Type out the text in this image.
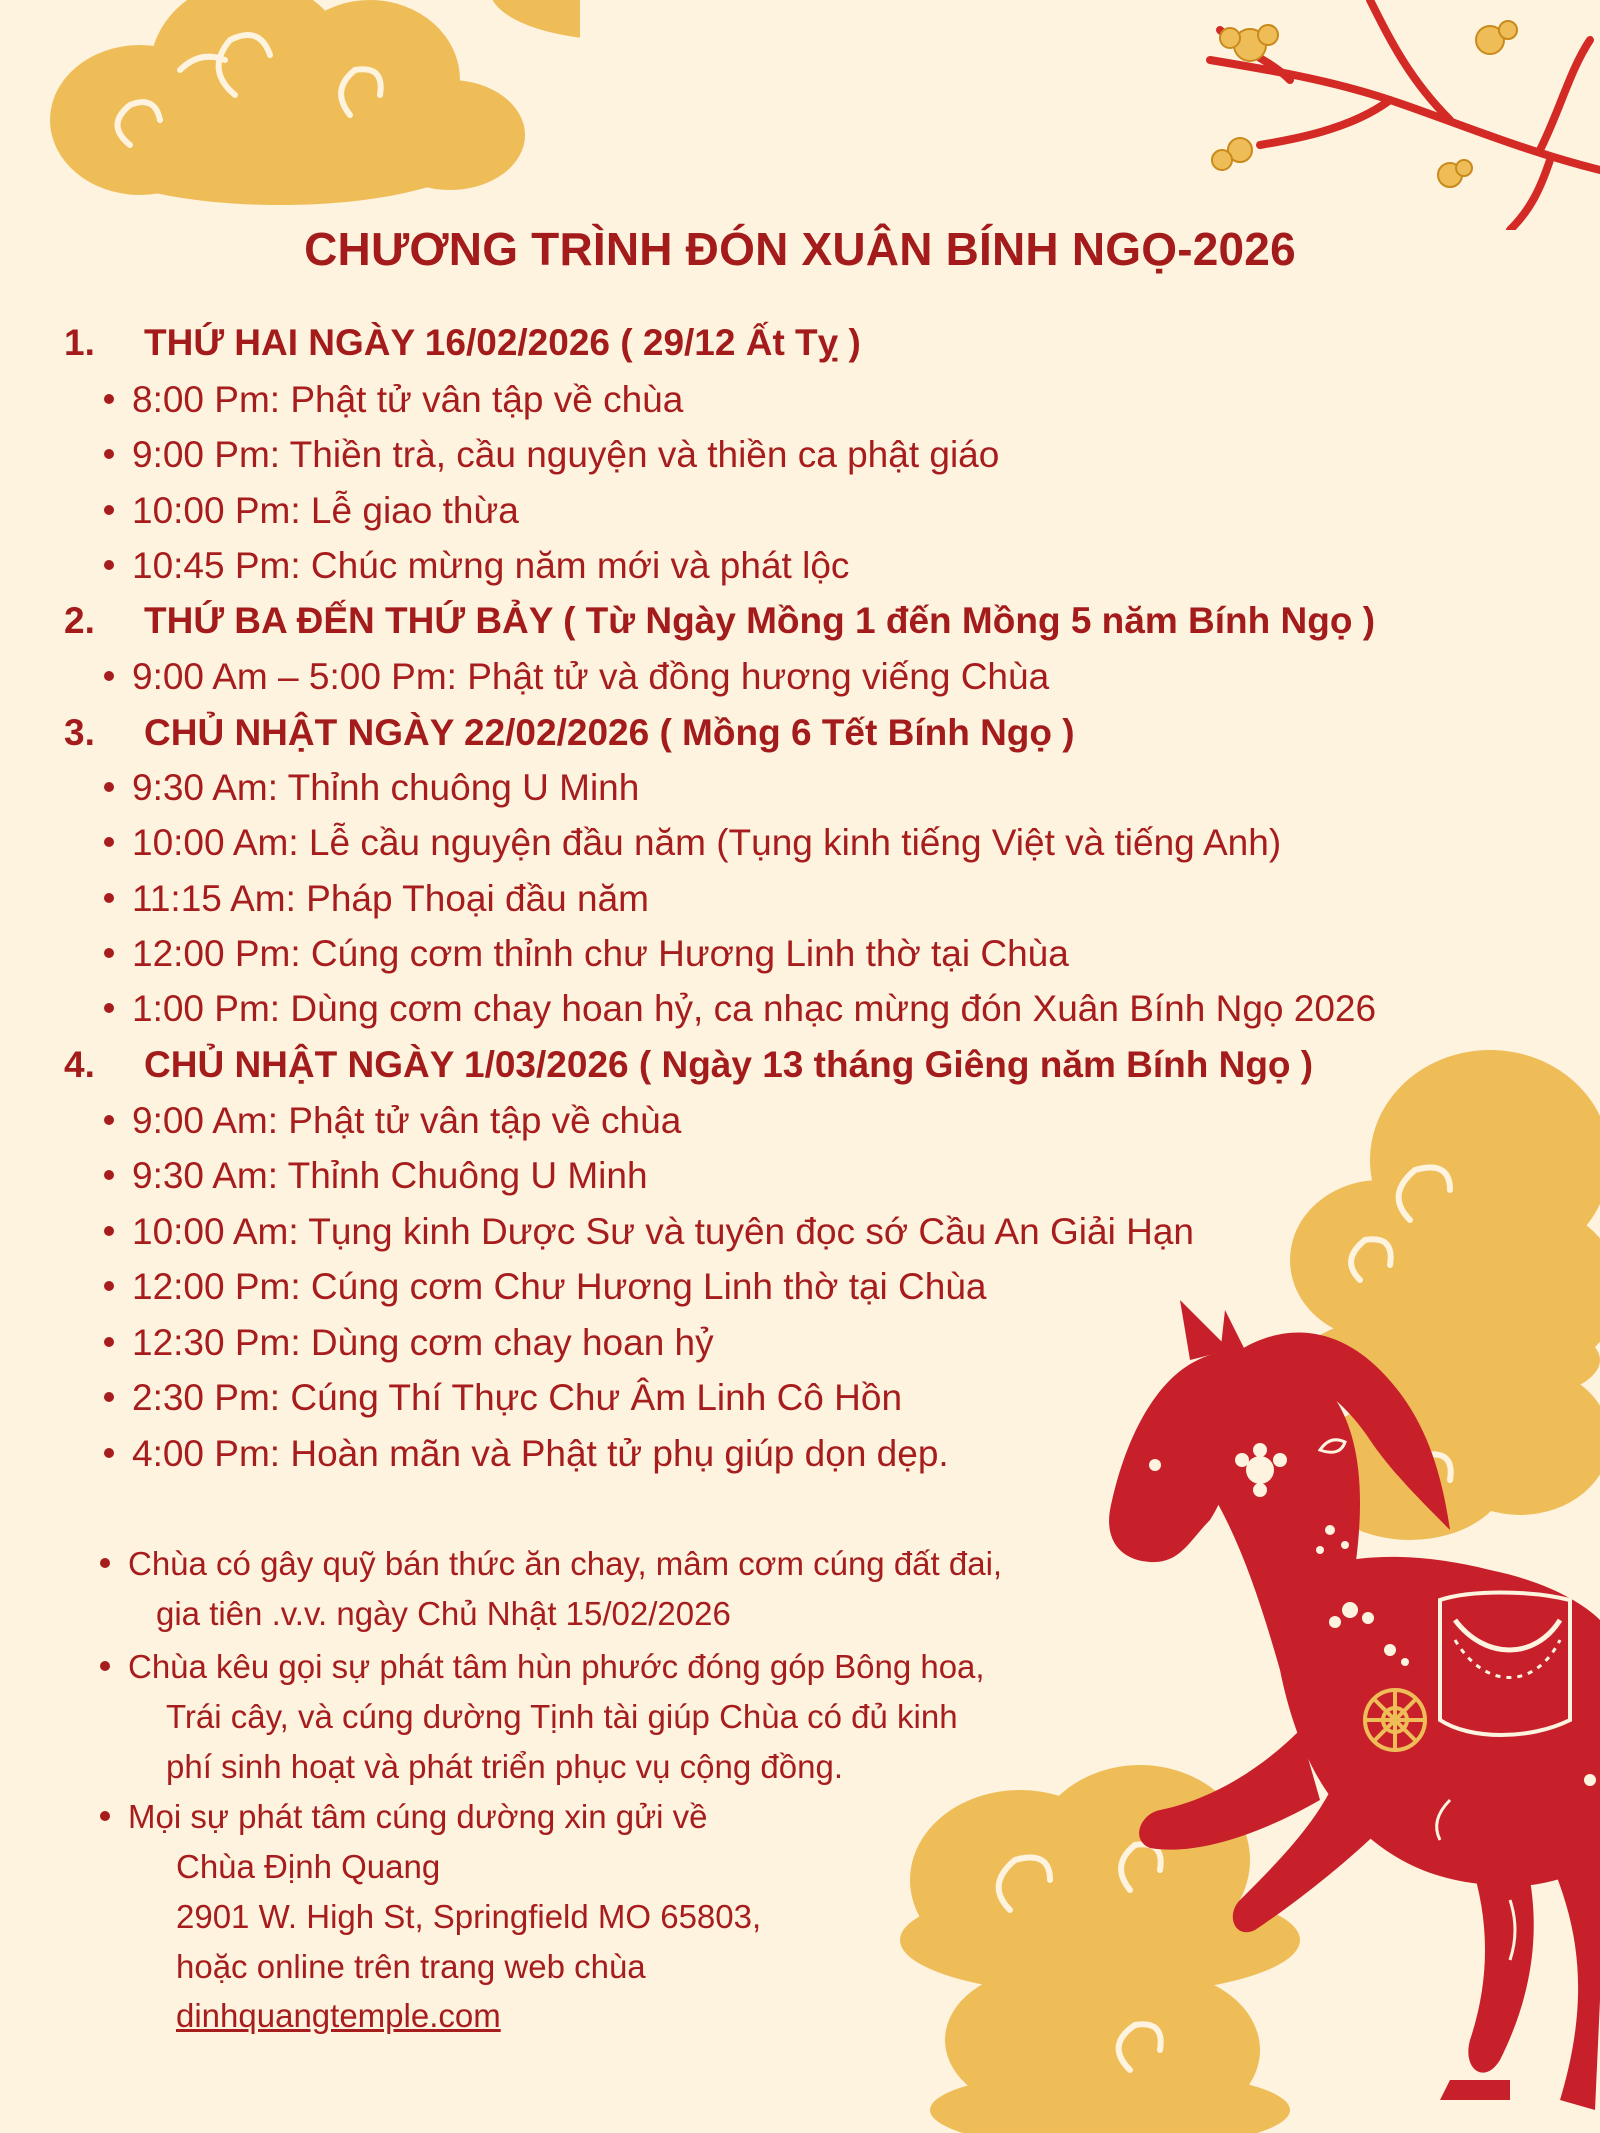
CHƯƠNG TRÌNH ĐÓN XUÂN BÍNH NGỌ-2026
1. THỨ HAI NGÀY 16/02/2026 ( 29/12 Ất Tỵ )
8:00 Pm: Phật tử vân tập về chùa
9:00 Pm: Thiền trà, cầu nguyện và thiền ca phật giáo
10:00 Pm: Lễ giao thừa
10:45 Pm: Chúc mừng năm mới và phát lộc
2. THỨ BA ĐẾN THỨ BẢY ( Từ Ngày Mồng 1 đến Mồng 5 năm Bính Ngọ )
9:00 Am – 5:00 Pm: Phật tử và đồng hương viếng Chùa
3. CHỦ NHẬT NGÀY 22/02/2026 ( Mồng 6 Tết Bính Ngọ )
9:30 Am: Thỉnh chuông U Minh
10:00 Am: Lễ cầu nguyện đầu năm (Tụng kinh tiếng Việt và tiếng Anh)
11:15 Am: Pháp Thoại đầu năm
12:00 Pm: Cúng cơm thỉnh chư Hương Linh thờ tại Chùa
1:00 Pm: Dùng cơm chay hoan hỷ, ca nhạc mừng đón Xuân Bính Ngọ 2026
4. CHỦ NHẬT NGÀY 1/03/2026 ( Ngày 13 tháng Giêng năm Bính Ngọ )
9:00 Am: Phật tử vân tập về chùa
9:30 Am: Thỉnh Chuông U Minh
10:00 Am: Tụng kinh Dược Sư và tuyên đọc sớ Cầu An Giải Hạn
12:00 Pm: Cúng cơm Chư Hương Linh thờ tại Chùa
12:30 Pm: Dùng cơm chay hoan hỷ
2:30 Pm: Cúng Thí Thực Chư Âm Linh Cô Hồn
4:00 Pm: Hoàn mãn và Phật tử phụ giúp dọn dẹp.
Chùa có gây quỹ bán thức ăn chay, mâm cơm cúng đất đai,
gia tiên .v.v. ngày Chủ Nhật 15/02/2026
Chùa kêu gọi sự phát tâm hùn phước đóng góp Bông hoa,
Trái cây, và cúng dường Tịnh tài giúp Chùa có đủ kinh
phí sinh hoạt và phát triển phục vụ cộng đồng.
Mọi sự phát tâm cúng dường xin gửi về
Chùa Định Quang
2901 W. High St, Springfield MO 65803,
hoặc online trên trang web chùa
dinhquangtemple.com
